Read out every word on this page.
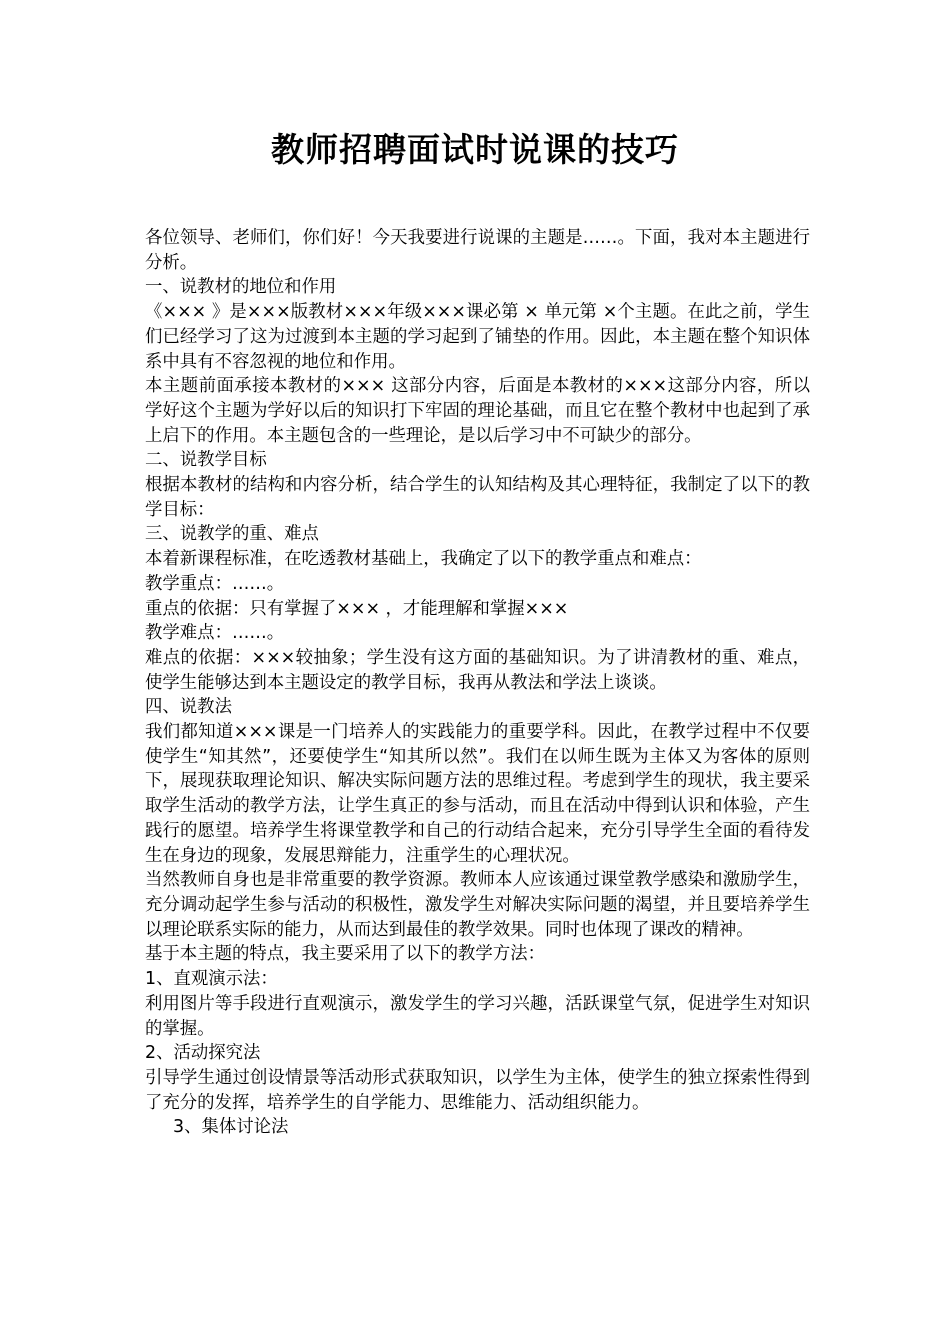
教师招聘面试时说课的技巧

各位领导、老师们，你们好！今天我要进行说课的主题是……。下面，我对本主题进行分析。

一、说教材的地位和作用

《××× 》是×××版教材×××年级×××课必第 × 单元第 ×个主题。在此之前，学生们已经学习了这为过渡到本主题的学习起到了铺垫的作用。因此，本主题在整个知识体系中具有不容忽视的地位和作用。

本主题前面承接本教材的××× 这部分内容，后面是本教材的×××这部分内容，所以学好这个主题为学好以后的知识打下牢固的理论基础，而且它在整个教材中也起到了承上启下的作用。本主题包含的一些理论，是以后学习中不可缺少的部分。

二、说教学目标

根据本教材的结构和内容分析，结合学生的认知结构及其心理特征，我制定了以下的教学目标：

三、说教学的重、难点

本着新课程标准，在吃透教材基础上，我确定了以下的教学重点和难点：

教学重点：……。

重点的依据：只有掌握了××× ，才能理解和掌握×××

教学难点：……。

难点的依据：×××较抽象；学生没有这方面的基础知识。为了讲清教材的重、难点，使学生能够达到本主题设定的教学目标，我再从教法和学法上谈谈。

四、说教法

我们都知道×××课是一门培养人的实践能力的重要学科。因此，在教学过程中不仅要使学生“知其然”，还要使学生“知其所以然”。我们在以师生既为主体又为客体的原则下，展现获取理论知识、解决实际问题方法的思维过程。考虑到学生的现状，我主要采取学生活动的教学方法，让学生真正的参与活动，而且在活动中得到认识和体验，产生践行的愿望。培养学生将课堂教学和自己的行动结合起来，充分引导学生全面的看待发生在身边的现象，发展思辩能力，注重学生的心理状况。

当然教师自身也是非常重要的教学资源。教师本人应该通过课堂教学感染和激励学生，充分调动起学生参与活动的积极性，激发学生对解决实际问题的渴望，并且要培养学生以理论联系实际的能力，从而达到最佳的教学效果。同时也体现了课改的精神。

基于本主题的特点，我主要采用了以下的教学方法：

1、直观演示法：

利用图片等手段进行直观演示，激发学生的学习兴趣，活跃课堂气氛，促进学生对知识的掌握。

2、活动探究法

引导学生通过创设情景等活动形式获取知识，以学生为主体，使学生的独立探索性得到了充分的发挥，培养学生的自学能力、思维能力、活动组织能力。

3、集体讨论法
